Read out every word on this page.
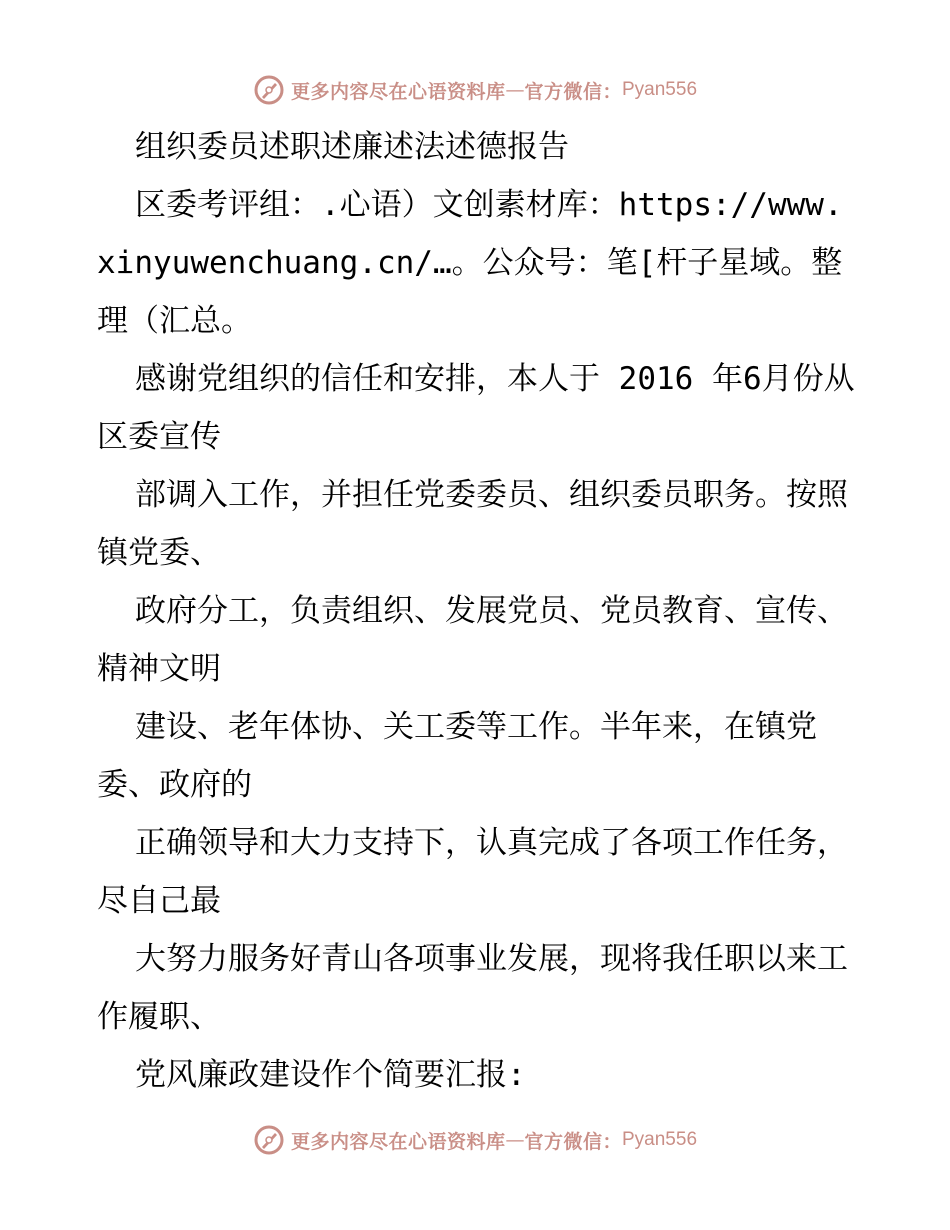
更多内容尽在心语资料库 — 官方微信： Pyan556

组织委员述职述廉述法述德报告

区委考评组：.心语）文创素材库：https://www.xinyuwenchuang.cn/…。公众号：笔[杆子星域。整理（汇总。

感谢党组织的信任和安排，本人于 2016 年6月份从区委宣传

部调入工作，并担任党委委员、组织委员职务。按照镇党委、

政府分工，负责组织、发展党员、党员教育、宣传、精神文明

建设、老年体协、关工委等工作。半年来，在镇党委、政府的

正确领导和大力支持下，认真完成了各项工作任务，尽自己最

大努力服务好青山各项事业发展，现将我任职以来工作履职、

党风廉政建设作个简要汇报:

更多内容尽在心语资料库 — 官方微信： Pyan556
